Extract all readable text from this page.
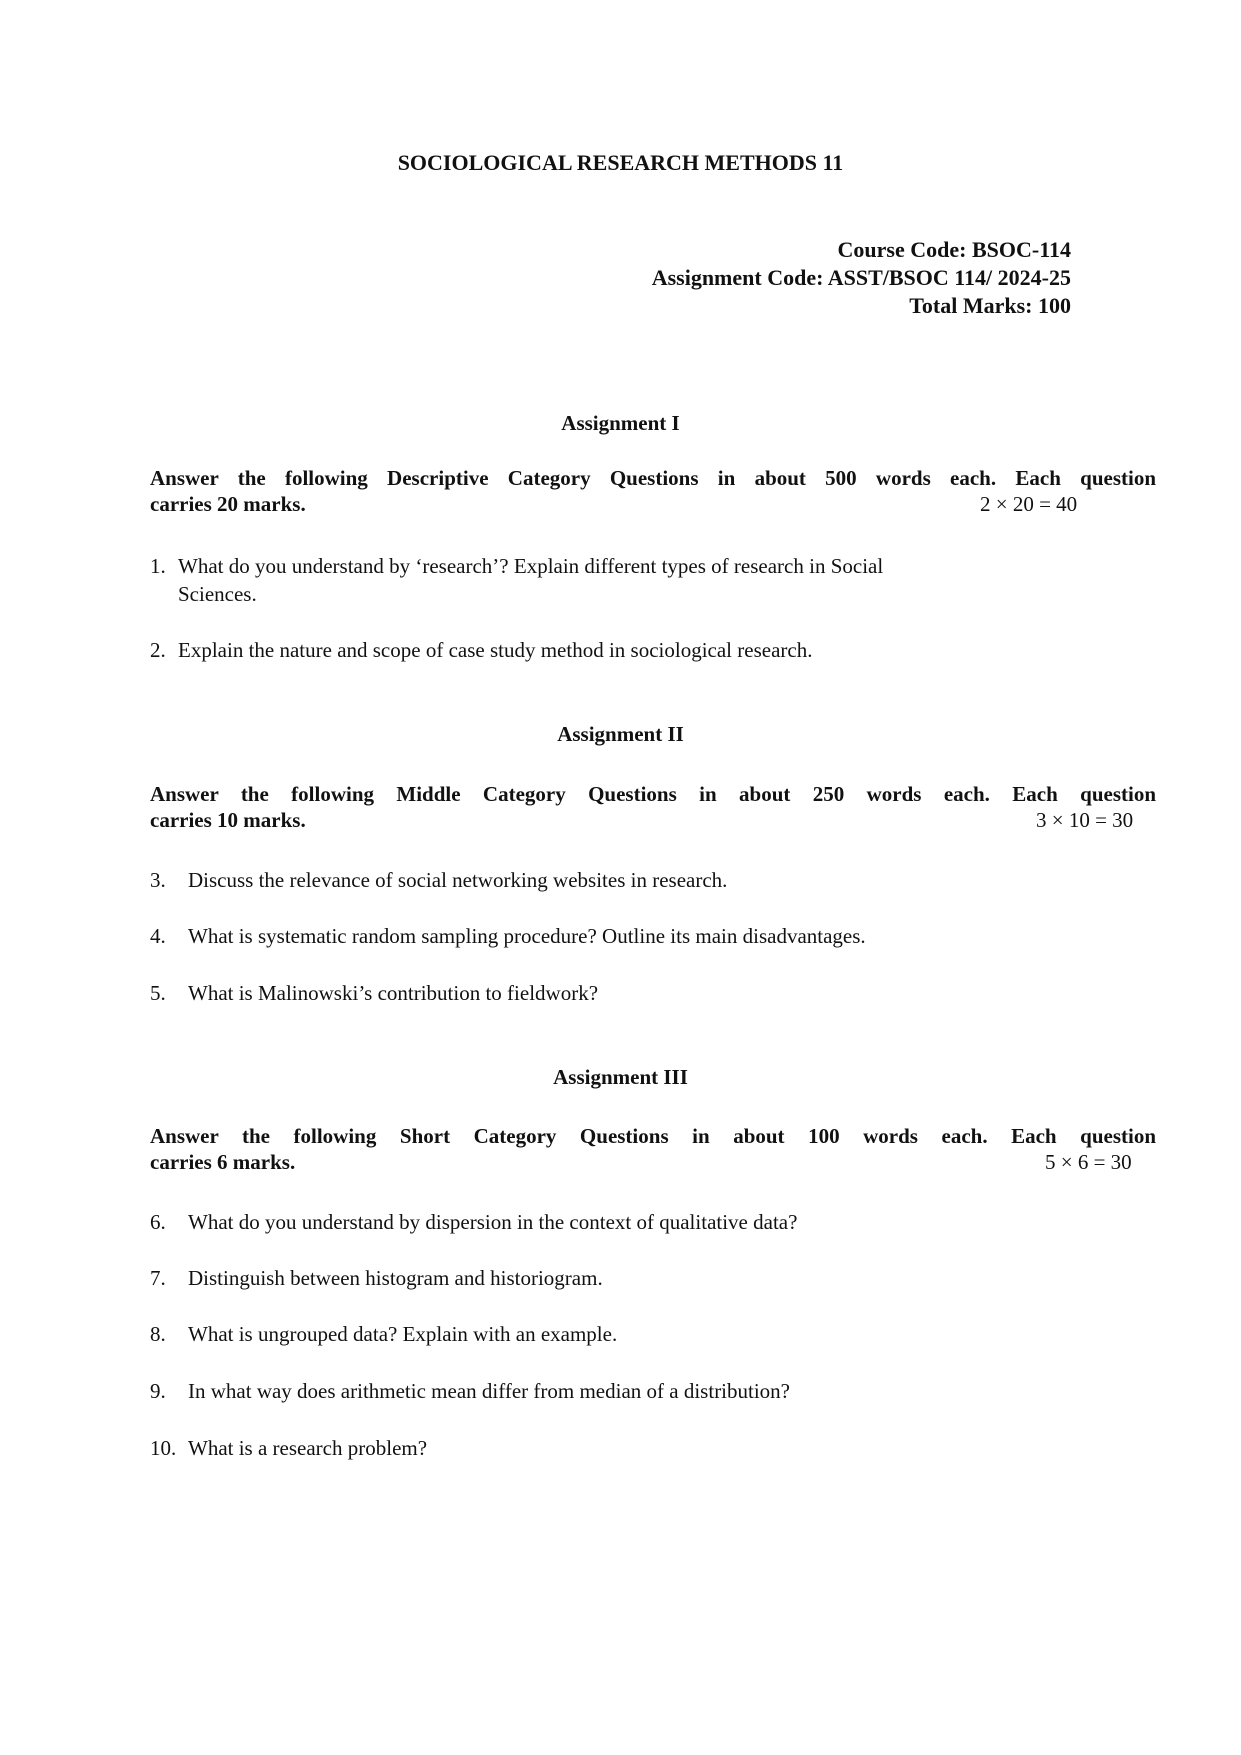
SOCIOLOGICAL RESEARCH METHODS 11
Course Code: BSOC-114
Assignment Code: ASST/BSOC 114/ 2024-25
Total Marks: 100
Assignment I
Answer the following Descriptive Category Questions in about 500 words each. Each question
carries 20 marks.	2 × 20 = 40
1. What do you understand by ‘research’? Explain different types of research in Social
Sciences.
2. Explain the nature and scope of case study method in sociological research.
Assignment II
Answer the following Middle Category Questions in about 250 words each. Each question
carries 10 marks.	3 × 10 = 30
3. Discuss the relevance of social networking websites in research.
4. What is systematic random sampling procedure? Outline its main disadvantages.
5. What is Malinowski’s contribution to fieldwork?
Assignment III
Answer the following Short Category Questions in about 100 words each. Each question
carries 6 marks.	5 × 6 = 30
6. What do you understand by dispersion in the context of qualitative data?
7. Distinguish between histogram and historiogram.
8. What is ungrouped data? Explain with an example.
9. In what way does arithmetic mean differ from median of a distribution?
10. What is a research problem?
